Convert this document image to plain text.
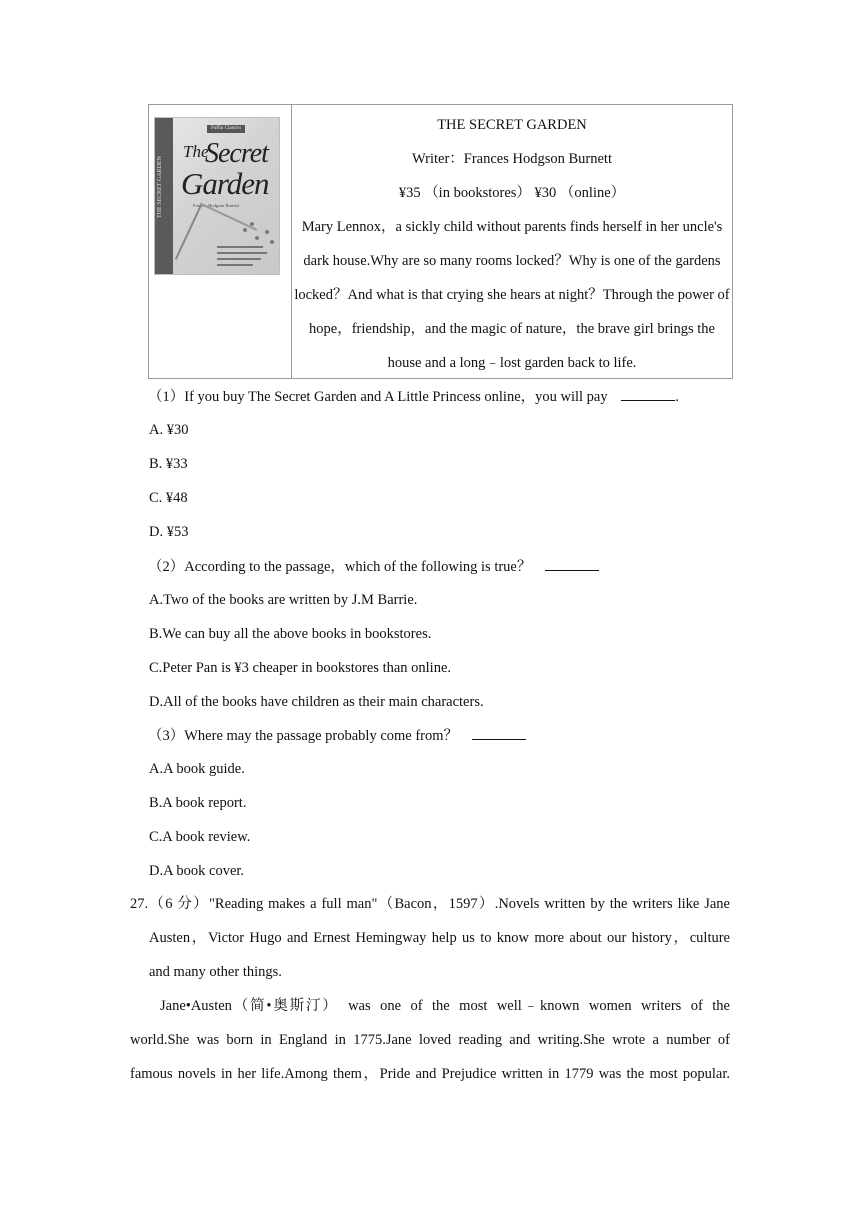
THE SECRET GARDEN
Puffin Classics
The
Secret
Garden
Frances Hodgson Burnett
THE SECRET GARDEN
Writer：Frances Hodgson Burnett
¥35 （in bookstores） ¥30 （online）
Mary Lennox，a sickly child without parents finds herself in her uncle's dark house.Why are so many rooms locked？Why is one of the gardens locked？And what is that crying she hears at night？Through the power of hope，friendship，and the magic of nature，the brave girl brings the house and a long﹣lost garden back to life.
（1）If you buy The Secret Garden and A Little Princess online，you will pay	.
A. ¥30
B. ¥33
C. ¥48
D. ¥53
（2）According to the passage，which of the following is true？
A.Two of the books are written by J.M Barrie.
B.We can buy all the above books in bookstores.
C.Peter Pan is ¥3 cheaper in bookstores than online.
D.All of the books have children as their main characters.
（3）Where may the passage probably come from？
A.A book guide.
B.A book report.
C.A book review.
D.A book cover.
27.（6 分）"Reading makes a full man"（Bacon，1597）.Novels written by the writers like Jane
Austen，Victor Hugo and Ernest Hemingway help us to know more about our history，culture
and many other things.
Jane•Austen（简•奥斯汀） was one of the most well﹣known women writers of the
world.She was born in England in 1775.Jane loved reading and writing.She wrote a number of
famous novels in her life.Among them，Pride and Prejudice written in 1779 was the most popular.
